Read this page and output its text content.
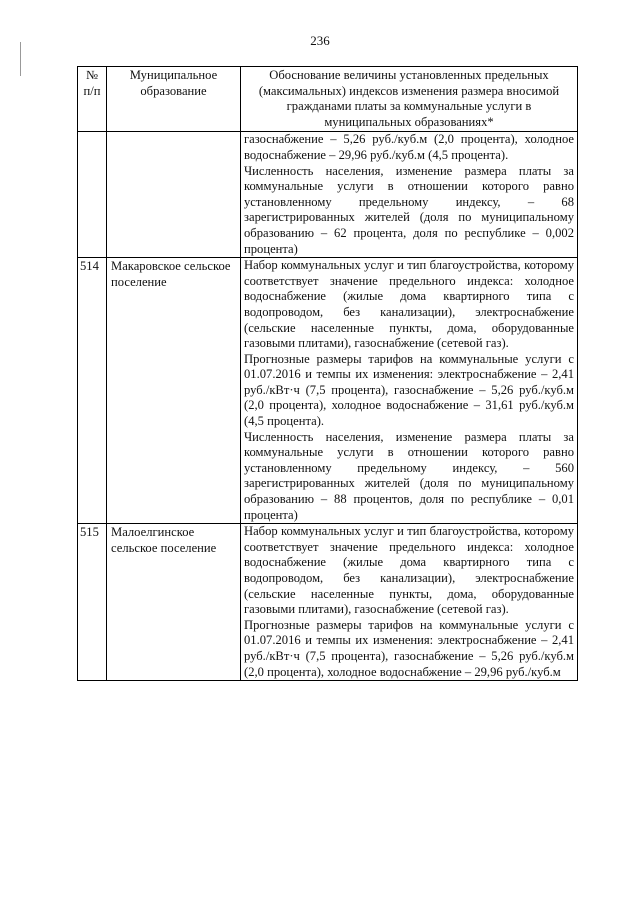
236
№ п/п	Муниципальное образование	Обоснование величины установленных предельных (максимальных) индексов изменения размера вносимой гражданами платы за коммунальные услуги в муниципальных образованиях*

		газоснабжение – 5,26 руб./куб.м (2,0 процента), холодное водоснабжение – 29,96 руб./куб.м (4,5 процента).
Численность населения, изменение размера платы за коммунальные услуги в отношении которого равно установленному предельному индексу, – 68 зарегистрированных жителей (доля по муниципальному образованию – 62 процента, доля по республике – 0,002 процента)

514	Макаровское сельское поселение	Набор коммунальных услуг и тип благоустройства, которому соответствует значение предельного индекса: холодное водоснабжение (жилые дома квартирного типа с водопроводом, без канализации), электроснабжение (сельские населенные пункты, дома, оборудованные газовыми плитами), газоснабжение (сетевой газ).
Прогнозные размеры тарифов на коммунальные услуги с 01.07.2016 и темпы их изменения: электроснабжение – 2,41 руб./кВт·ч (7,5 процента), газоснабжение – 5,26 руб./куб.м (2,0 процента), холодное водоснабжение – 31,61 руб./куб.м (4,5 процента).
Численность населения, изменение размера платы за коммунальные услуги в отношении которого равно установленному предельному индексу, – 560 зарегистрированных жителей (доля по муниципальному образованию – 88 процентов, доля по республике – 0,01 процента)

515	Малоелгинское сельское поселение	Набор коммунальных услуг и тип благоустройства, которому соответствует значение предельного индекса: холодное водоснабжение (жилые дома квартирного типа с водопроводом, без канализации), электроснабжение (сельские населенные пункты, дома, оборудованные газовыми плитами), газоснабжение (сетевой газ).
Прогнозные размеры тарифов на коммунальные услуги с 01.07.2016 и темпы их изменения: электроснабжение – 2,41 руб./кВт·ч (7,5 процента), газоснабжение – 5,26 руб./куб.м (2,0 процента), холодное водоснабжение – 29,96 руб./куб.м
